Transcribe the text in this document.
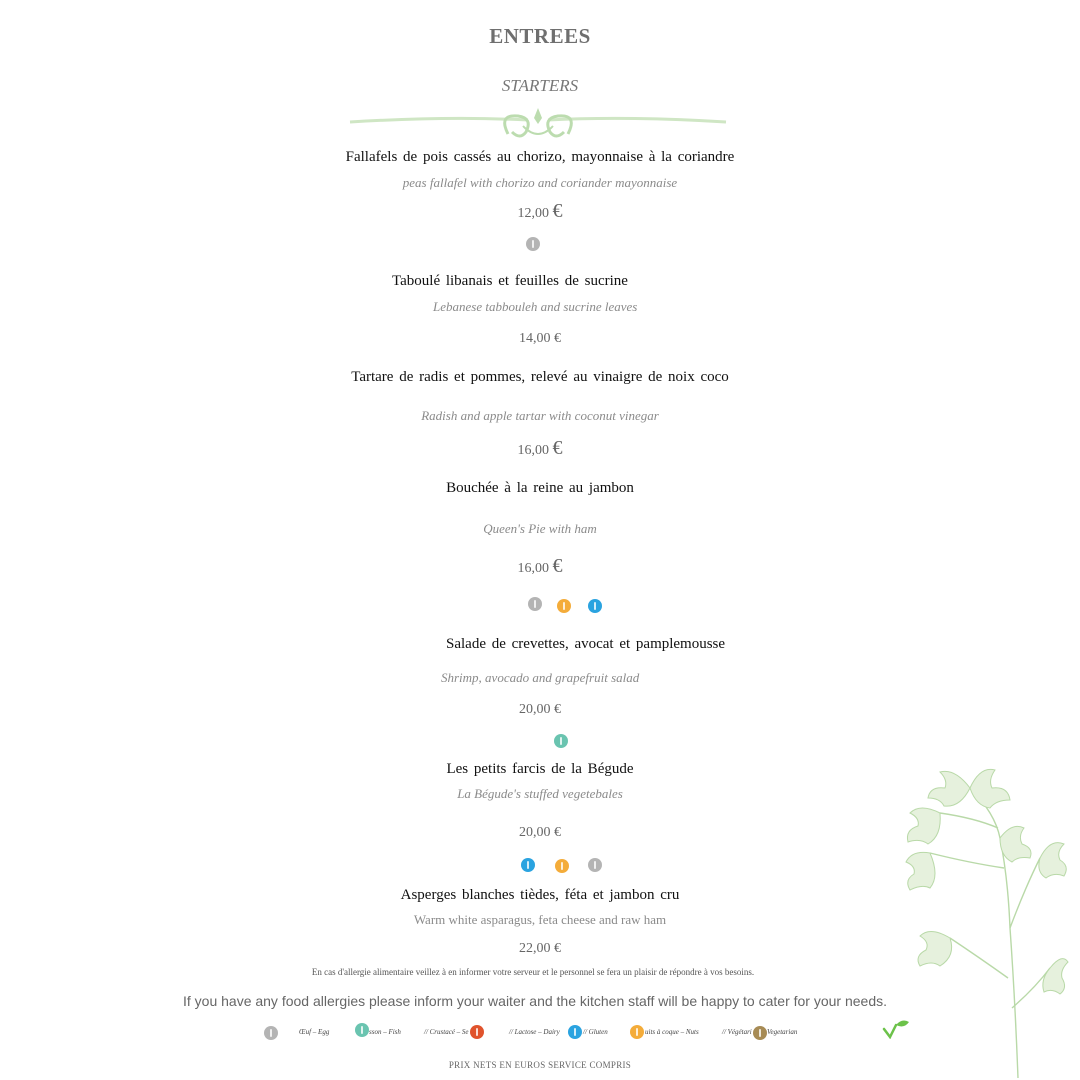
ENTREES
STARTERS
Fallafels de pois cassés au chorizo, mayonnaise à la coriandre
peas fallafel with chorizo and coriander mayonnaise
12,00 €
Taboulé libanais et feuilles de sucrine
Lebanese tabbouleh and sucrine leaves
14,00 €
Tartare de radis et pommes, relevé au vinaigre de noix coco
Radish and apple tartar with coconut vinegar
16,00 €
Bouchée à la reine au jambon
Queen's Pie with ham
16,00 €
Salade de crevettes, avocat et pamplemousse
Shrimp, avocado and grapefruit salad
20,00 €
Les petits farcis de la Bégude
La Bégude's stuffed vegetebales
20,00 €
Asperges blanches tièdes, féta et jambon cru
Warm white asparagus, feta cheese and raw ham
22,00 €
En cas d'allergie alimentaire veillez à en informer votre serveur et le personnel se fera un plaisir de répondre à vos besoins.
If you have any food allergies please inform your waiter and the kitchen staff will be happy to cater for your needs.
Œuf – Egg	sson – Fish	// Crustacé – Se	// Lactose – Dairy	// Gluten	uits à coque – Nuts	// Végétari Vegetarian
PRIX NETS EN EUROS SERVICE COMPRIS
